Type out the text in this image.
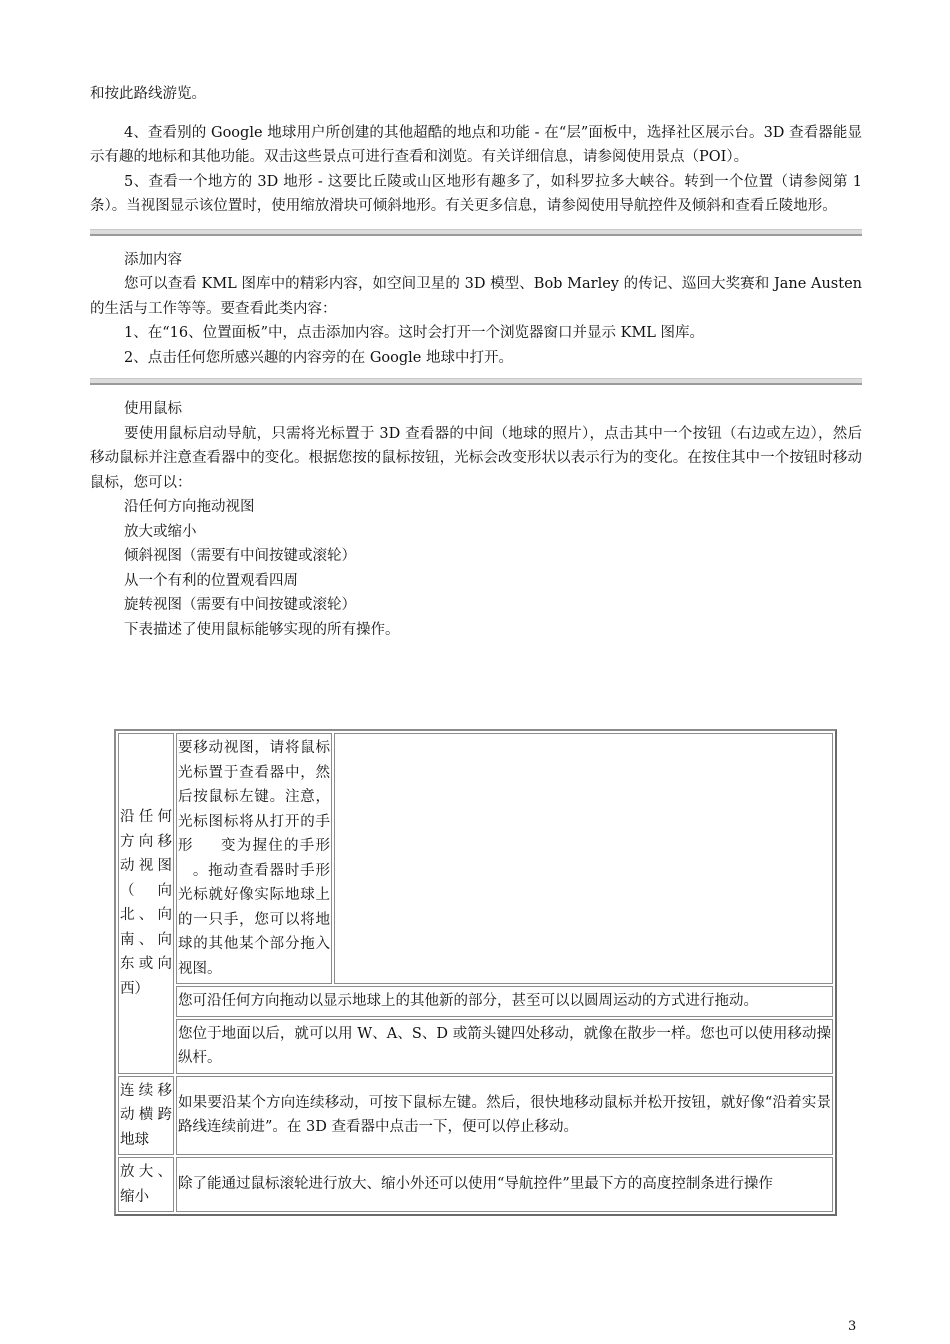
和按此路线游览。

4、查看别的 Google 地球用户所创建的其他超酷的地点和功能 - 在“层”面板中，选择社区展示台。3D 查看器能显示有趣的地标和其他功能。双击这些景点可进行查看和浏览。有关详细信息，请参阅使用景点（POI）。

5、查看一个地方的 3D 地形 - 这要比丘陵或山区地形有趣多了，如科罗拉多大峡谷。转到一个位置（请参阅第 1 条）。当视图显示该位置时，使用缩放滑块可倾斜地形。有关更多信息，请参阅使用导航控件及倾斜和查看丘陵地形。

添加内容

您可以查看 KML 图库中的精彩内容，如空间卫星的 3D 模型、Bob Marley 的传记、巡回大奖赛和 Jane Austen 的生活与工作等等。要查看此类内容：

1、在“16、位置面板”中，点击添加内容。这时会打开一个浏览器窗口并显示 KML 图库。

2、点击任何您所感兴趣的内容旁的在 Google 地球中打开。

使用鼠标

要使用鼠标启动导航，只需将光标置于 3D 查看器的中间（地球的照片），点击其中一个按钮（右边或左边），然后移动鼠标并注意查看器中的变化。根据您按的鼠标按钮，光标会改变形状以表示行为的变化。在按住其中一个按钮时移动鼠标，您可以：

沿任何方向拖动视图

放大或缩小

倾斜视图（需要有中间按键或滚轮）

从一个有利的位置观看四周

旋转视图（需要有中间按键或滚轮）

下表描述了使用鼠标能够实现的所有操作。

沿任何方向移动视图（向北、向南、向东或向西）	要移动视图，请将鼠标光标置于查看器中，然后按鼠标左键。注意，光标图标将从打开的手形 变为握住的手形。拖动查看器时手形光标就好像实际地球上的一只手，您可以将地球的其他某个部分拖入视图。	
	您可沿任何方向拖动以显示地球上的其他新的部分，甚至可以以圆周运动的方式进行拖动。	
	您位于地面以后，就可以用 W、A、S、D 或箭头键四处移动，就像在散步一样。您也可以使用移动操纵杆。	
连续移动横跨地球	如果要沿某个方向连续移动，可按下鼠标左键。然后，很快地移动鼠标并松开按钮，就好像“沿着实景路线连续前进”。在 3D 查看器中点击一下，便可以停止移动。	
放大、缩小	除了能通过鼠标滚轮进行放大、缩小外还可以使用“导航控件”里最下方的高度控制条进行操作	
3
